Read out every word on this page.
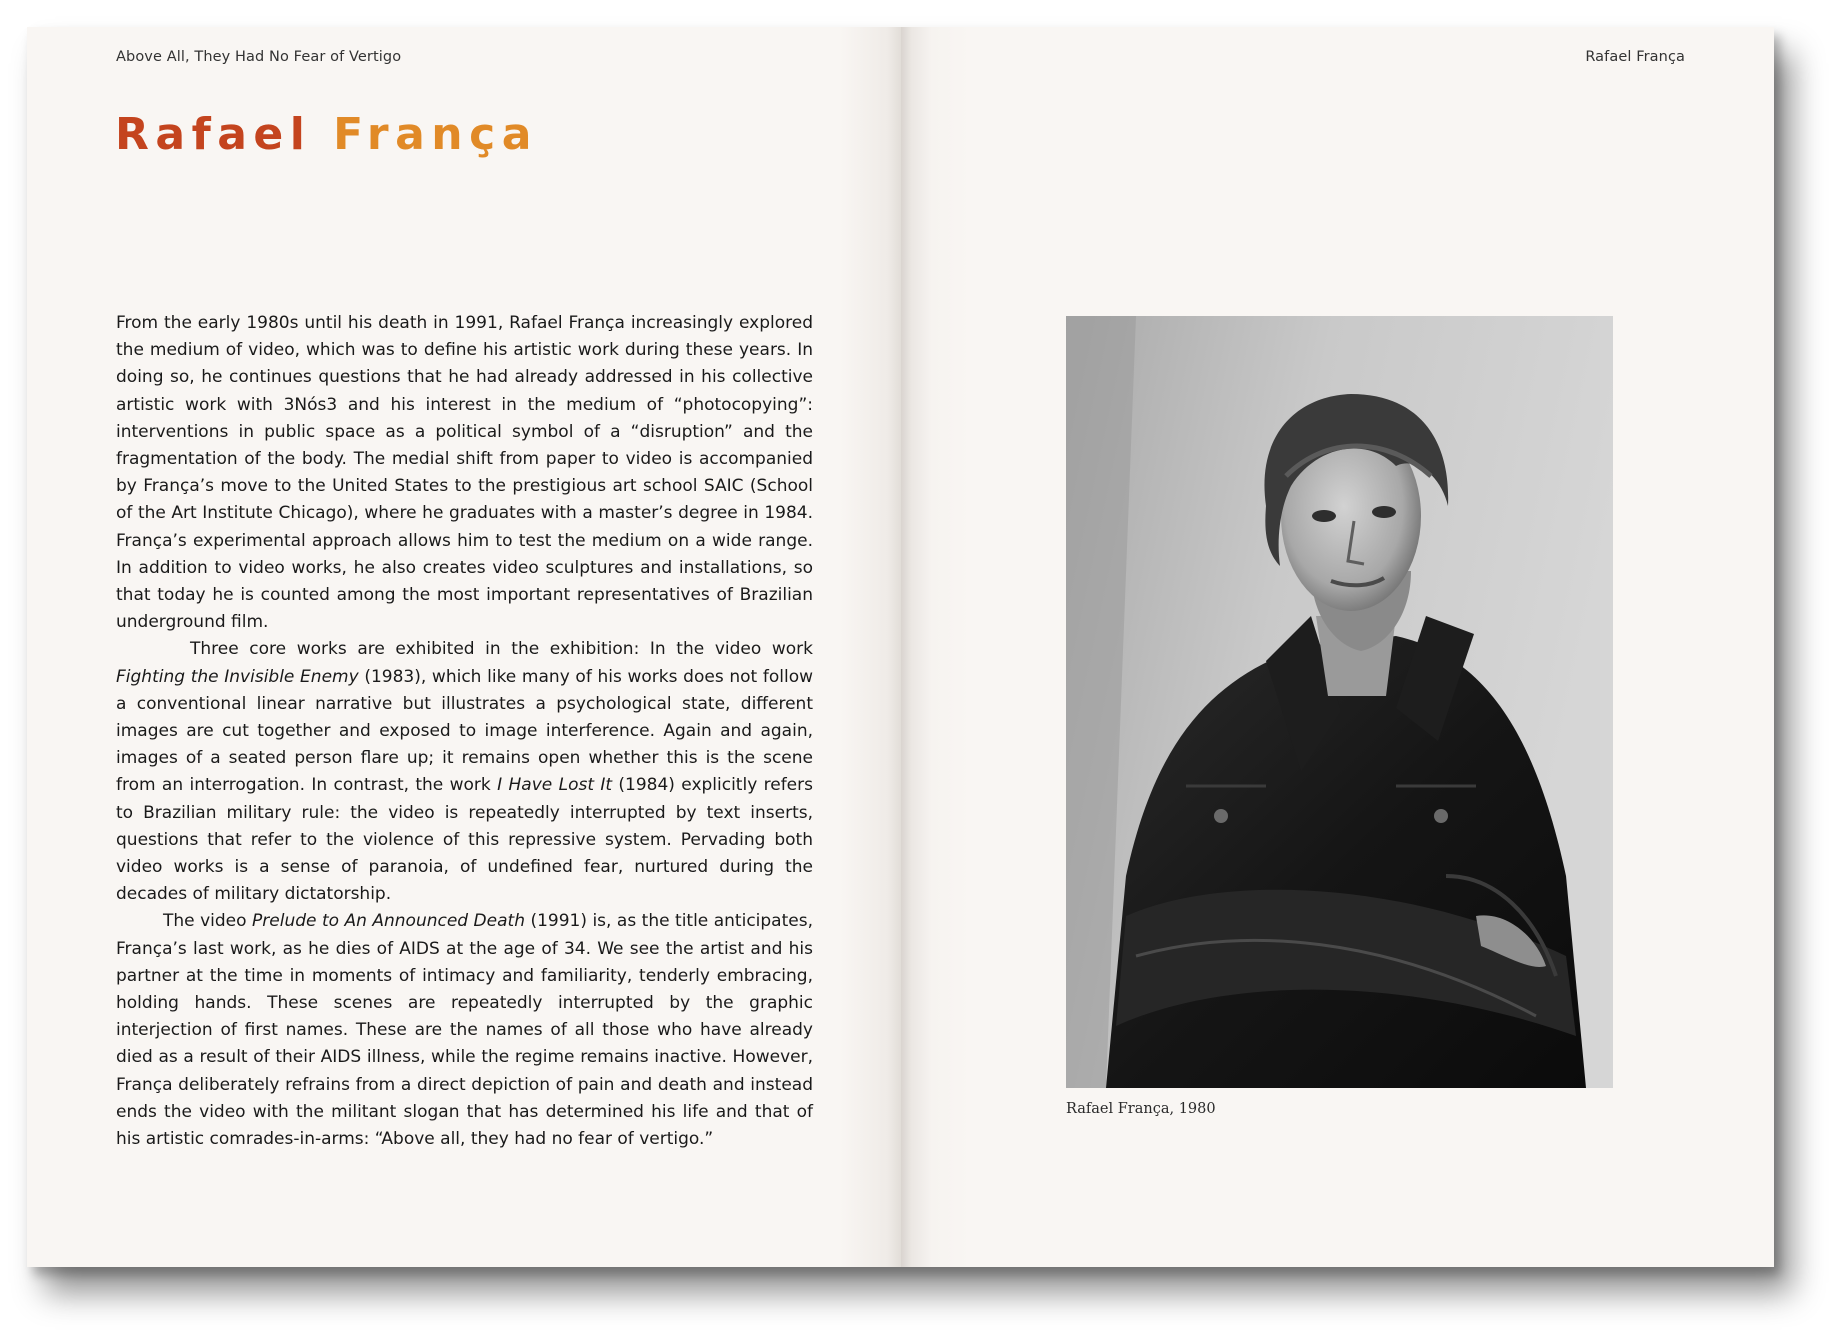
Above All, They Had No Fear of Vertigo
Rafael França

From the early 1980s until his death in 1991, Rafael França increasingly explored the medium of video, which was to define his artistic work during these years. In doing so, he continues questions that he had already addressed in his collective artistic work with 3Nós3 and his interest in the medium of “photocopying”: interventions in public space as a political symbol of a “disruption” and the fragmentation of the body. The medial shift from paper to video is accompanied by França’s move to the United States to the prestigious art school SAIC (School of the Art Institute Chicago), where he graduates with a master’s degree in 1984. França’s experimental approach allows him to test the medium on a wide range. In addition to video works, he also creates video sculptures and installations, so that today he is counted among the most important representatives of Brazilian underground film.

Three core works are exhibited in the exhibition: In the video work Fighting the Invisible Enemy (1983), which like many of his works does not follow a conventional linear narrative but illustrates a psychological state, different images are cut together and exposed to image interference. Again and again, images of a seated person flare up; it remains open whether this is the scene from an interrogation. In contrast, the work I Have Lost It (1984) explicitly refers to Brazilian military rule: the video is repeatedly interrupted by text inserts, questions that refer to the violence of this repressive system. Pervading both video works is a sense of paranoia, of undefined fear, nurtured during the decades of military dictatorship.

The video Prelude to An Announced Death (1991) is, as the title anticipates, França’s last work, as he dies of AIDS at the age of 34. We see the artist and his partner at the time in moments of intimacy and familiarity, tenderly embracing, holding hands. These scenes are repeatedly interrupted by the graphic interjection of first names. These are the names of all those who have already died as a result of their AIDS illness, while the regime remains inactive. However, França deliberately refrains from a direct depiction of pain and death and instead ends the video with the militant slogan that has determined his life and that of his artistic comrades-in-arms: “Above all, they had no fear of vertigo.”

Rafael França
Rafael França, 1980
